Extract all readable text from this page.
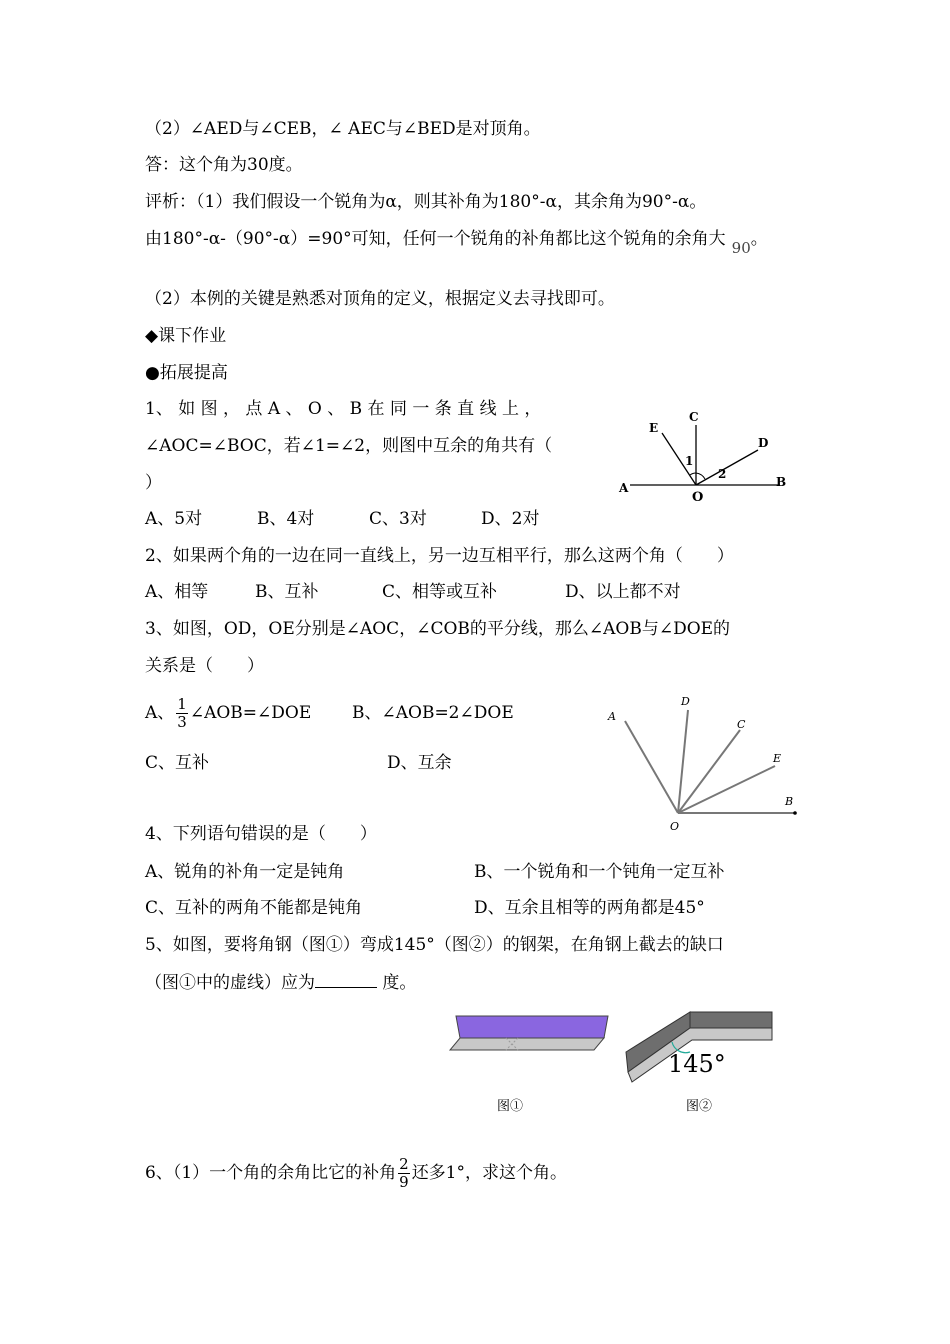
（2）∠AED与∠CEB，∠ AEC与∠BED是对顶角。
答：这个角为30度。
评析：（1）我们假设一个锐角为α，则其补角为180°-α，其余角为90°-α。
由180°-α-（90°-α）=90°可知，任何一个锐角的补角都比这个锐角的余角大 90。
（2）本例的关键是熟悉对顶角的定义，根据定义去寻找即可。
◆课下作业
●拓展提高
1、 如 图 ， 点 A 、 O 、 B 在 同 一 条 直 线 上 ，
∠AOC=∠BOC，若∠1=∠2，则图中互余的角共有（
）
A、5对	B、4对	C、3对	D、2对
A	B
C
D
E
O
1
2
2、如果两个角的一边在同一直线上，另一边互相平行，那么这两个角（　　）
A、相等	B、互补	C、相等或互补	D、以上都不对
3、如图，OD，OE分别是∠AOC，∠COB的平分线，那么∠AOB与∠DOE的
关系是（　　）
A、 $\frac{1}{3}$ ∠AOB=∠DOE B、∠AOB=2∠DOE
C、互补	D、互余
A
D
C
E
B
O
4、下列语句错误的是（　　）
A、锐角的补角一定是钝角	B、一个锐角和一个钝角一定互补
C、互补的两角不能都是钝角	D、互余且相等的两角都是45°
5、如图，要将角钢（图①）弯成145°（图②）的钢架，在角钢上截去的缺口
（图①中的虚线）应为	度。
图①
145°
图②
6、（1）一个角的余角比它的补角 $\frac{2}{9}$ 还多1°，求这个角。
